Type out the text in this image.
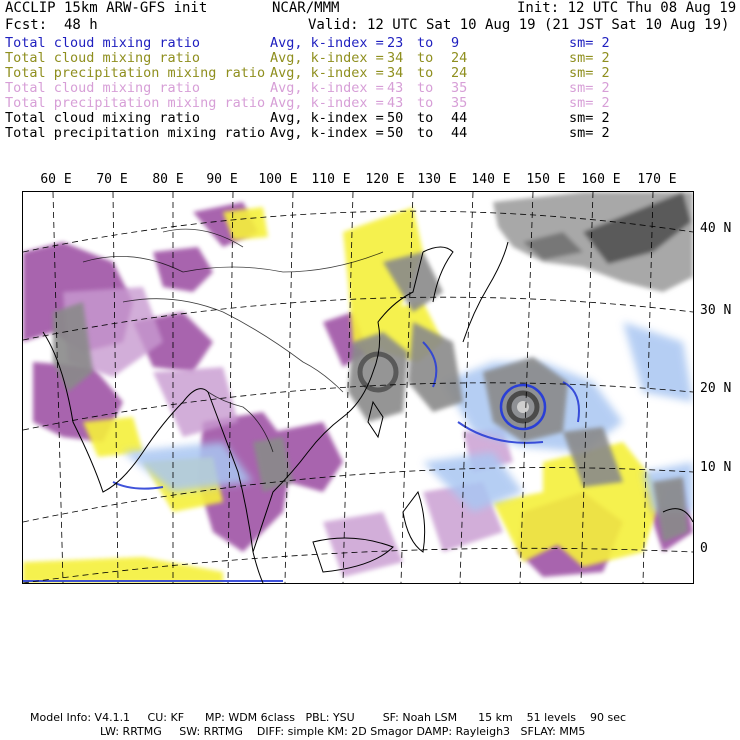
ACCLIP 15km ARW-GFS init	NCAR/MMM	Init: 12 UTC Thu 08 Aug 19
Fcst: 48 h	Valid: 12 UTC Sat 10 Aug 19 (21 JST Sat 10 Aug 19)
Total cloud mixing ratio	Avg, k-index = 23 to 9	sm= 2
Total cloud mixing ratio	Avg, k-index = 34 to 24	sm= 2
Total precipitation mixing ratio Avg, k-index = 34 to 24	sm= 2
Total cloud mixing ratio	Avg, k-index = 43 to 35	sm= 2
Total precipitation mixing ratio Avg, k-index = 43 to 35	sm= 2
Total cloud mixing ratio	Avg, k-index = 50 to 44	sm= 2
Total precipitation mixing ratio Avg, k-index = 50 to 44	sm= 2
60 E 70 E 80 E 90 E 100 E 110 E 120 E 130 E 140 E 150 E 160 E 170 E
40 N
30 N
20 N
10 N
0
Model Info: V4.1.1     CU: KF      MP: WDM 6class   PBL: YSU        SF: Noah LSM      15 km    51 levels    90 sec
LW: RRTMG     SW: RRTMG    DIFF: simple KM: 2D Smagor DAMP: Rayleigh3   SFLAY: MM5
